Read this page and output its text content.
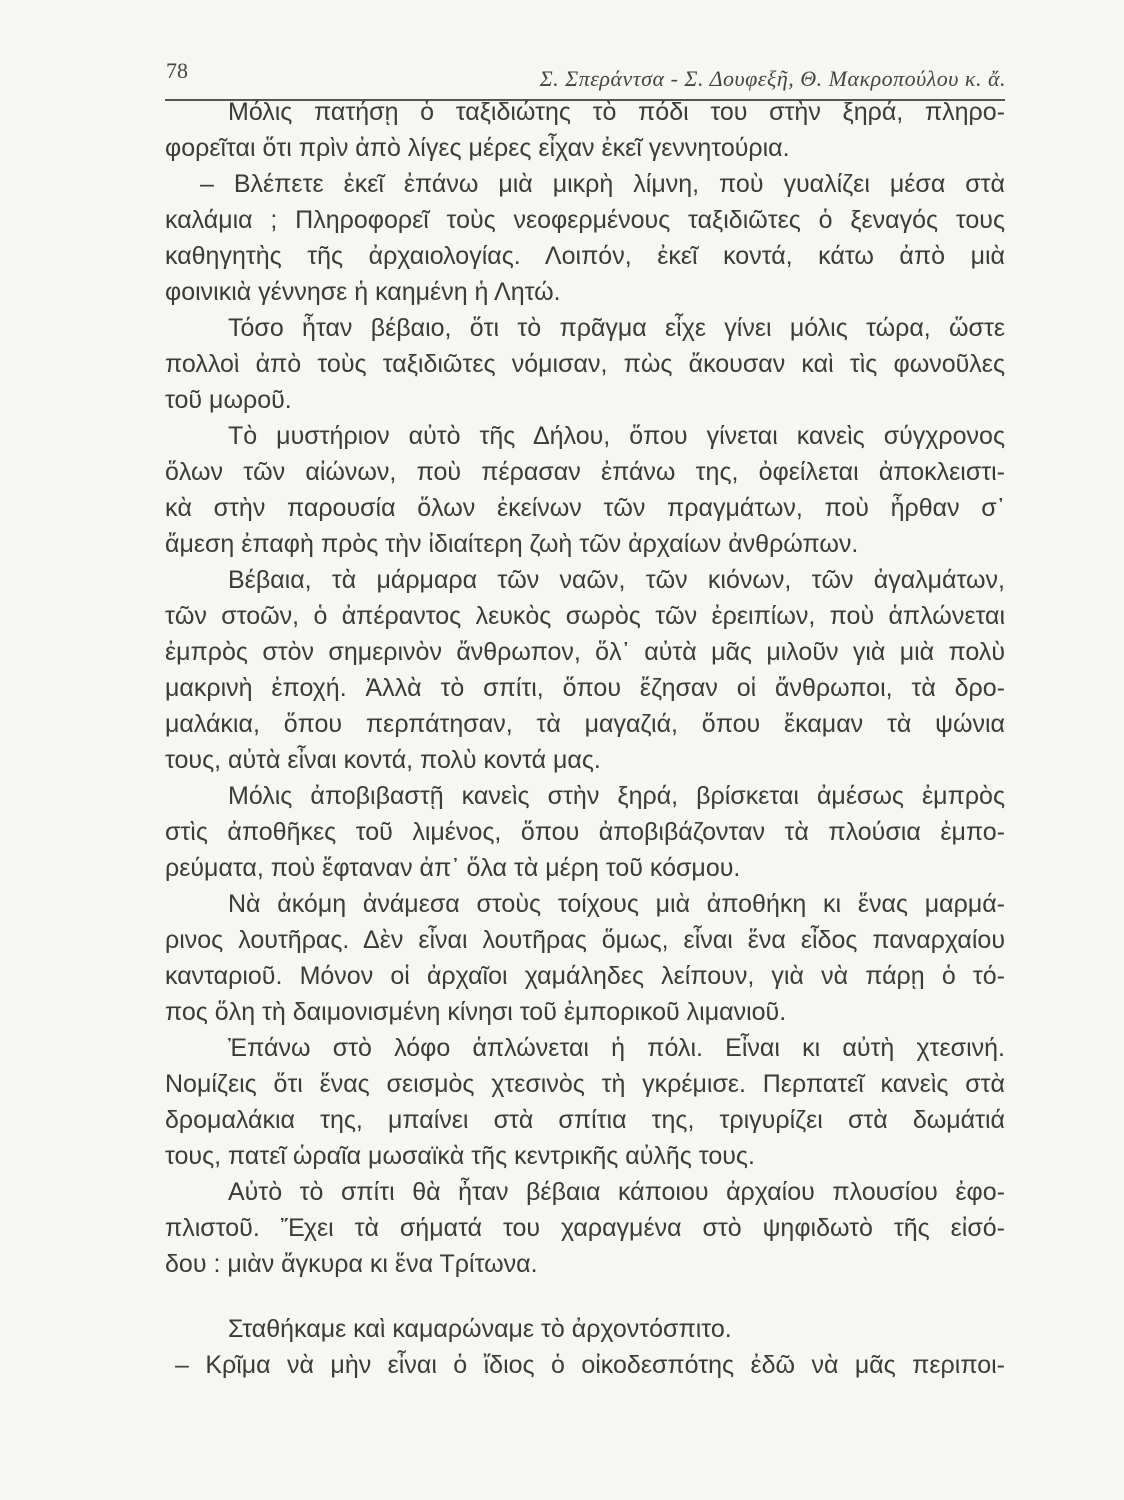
78	Σ. Σπεράντσα - Σ. Δουφεξῆ, Θ. Μακροπούλου κ. ἄ.
Μόλις πατήσῃ ὁ ταξιδιώτης τὸ πόδι του στὴν ξηρά, πληρο-
φορεῖται ὅτι πρὶν ἀπὸ λίγες μέρες εἶχαν ἐκεῖ γεννητούρια.
– Βλέπετε ἐκεῖ ἐπάνω μιὰ μικρὴ λίμνη, ποὺ γυαλίζει μέσα στὰ
καλάμια ; Πληροφορεῖ τοὺς νεοφερμένους ταξιδιῶτες ὁ ξεναγός τους
καθηγητὴς τῆς ἀρχαιολογίας. Λοιπόν, ἐκεῖ κοντά, κάτω ἀπὸ μιὰ
φοινικιὰ γέννησε ἡ καημένη ἡ Λητώ.
Τόσο ἦταν βέβαιο, ὅτι τὸ πρᾶγμα εἶχε γίνει μόλις τώρα, ὥστε
πολλοὶ ἀπὸ τοὺς ταξιδιῶτες νόμισαν, πὼς ἄκουσαν καὶ τὶς φωνοῦλες
τοῦ μωροῦ.
Τὸ μυστήριον αὐτὸ τῆς Δήλου, ὅπου γίνεται κανεὶς σύγχρονος
ὅλων τῶν αἰώνων, ποὺ πέρασαν ἐπάνω της, ὀφείλεται ἀποκλειστι-
κὰ στὴν παρουσία ὅλων ἐκείνων τῶν πραγμάτων, ποὺ ἦρθαν σ᾽
ἄμεση ἐπαφὴ πρὸς τὴν ἰδιαίτερη ζωὴ τῶν ἀρχαίων ἀνθρώπων.
Βέβαια, τὰ μάρμαρα τῶν ναῶν, τῶν κιόνων, τῶν ἀγαλμάτων,
τῶν στοῶν, ὁ ἀπέραντος λευκὸς σωρὸς τῶν ἐρειπίων, ποὺ ἁπλώνεται
ἐμπρὸς στὸν σημερινὸν ἄνθρωπον, ὅλ᾽ αὐτὰ μᾶς μιλοῦν γιὰ μιὰ πολὺ
μακρινὴ ἐποχή. Ἀλλὰ τὸ σπίτι, ὅπου ἔζησαν οἱ ἄνθρωποι, τὰ δρο-
μαλάκια, ὅπου περπάτησαν, τὰ μαγαζιά, ὅπου ἔκαμαν τὰ ψώνια
τους, αὐτὰ εἶναι κοντά, πολὺ κοντά μας.
Μόλις ἀποβιβαστῇ κανεὶς στὴν ξηρά, βρίσκεται ἀμέσως ἐμπρὸς
στὶς ἀποθῆκες τοῦ λιμένος, ὅπου ἀποβιβάζονταν τὰ πλούσια ἐμπο-
ρεύματα, ποὺ ἔφταναν ἀπ᾽ ὅλα τὰ μέρη τοῦ κόσμου.
Νὰ ἀκόμη ἀνάμεσα στοὺς τοίχους μιὰ ἀποθήκη κι ἕνας μαρμά-
ρινος λουτῆρας. Δὲν εἶναι λουτῆρας ὅμως, εἶναι ἕνα εἶδος παναρχαίου
κανταριοῦ. Μόνον οἱ ἀρχαῖοι χαμάληδες λείπουν, γιὰ νὰ πάρῃ ὁ τό-
πος ὅλη τὴ δαιμονισμένη κίνησι τοῦ ἐμπορικοῦ λιμανιοῦ.
Ἐπάνω στὸ λόφο ἁπλώνεται ἡ πόλι. Εἶναι κι αὐτὴ χτεσινή.
Νομίζεις ὅτι ἕνας σεισμὸς χτεσινὸς τὴ γκρέμισε. Περπατεῖ κανεὶς στὰ
δρομαλάκια της, μπαίνει στὰ σπίτια της, τριγυρίζει στὰ δωμάτιά
τους, πατεῖ ὡραῖα μωσαϊκὰ τῆς κεντρικῆς αὐλῆς τους.
Αὐτὸ τὸ σπίτι θὰ ἦταν βέβαια κάποιου ἀρχαίου πλουσίου ἐφο-
πλιστοῦ. Ἔχει τὰ σήματά του χαραγμένα στὸ ψηφιδωτὸ τῆς εἰσό-
δου : μιὰν ἄγκυρα κι ἕνα Τρίτωνα.
Σταθήκαμε καὶ καμαρώναμε τὸ ἀρχοντόσπιτο.
– Κρῖμα νὰ μὴν εἶναι ὁ ἴδιος ὁ οἰκοδεσπότης ἐδῶ νὰ μᾶς περιποι-
